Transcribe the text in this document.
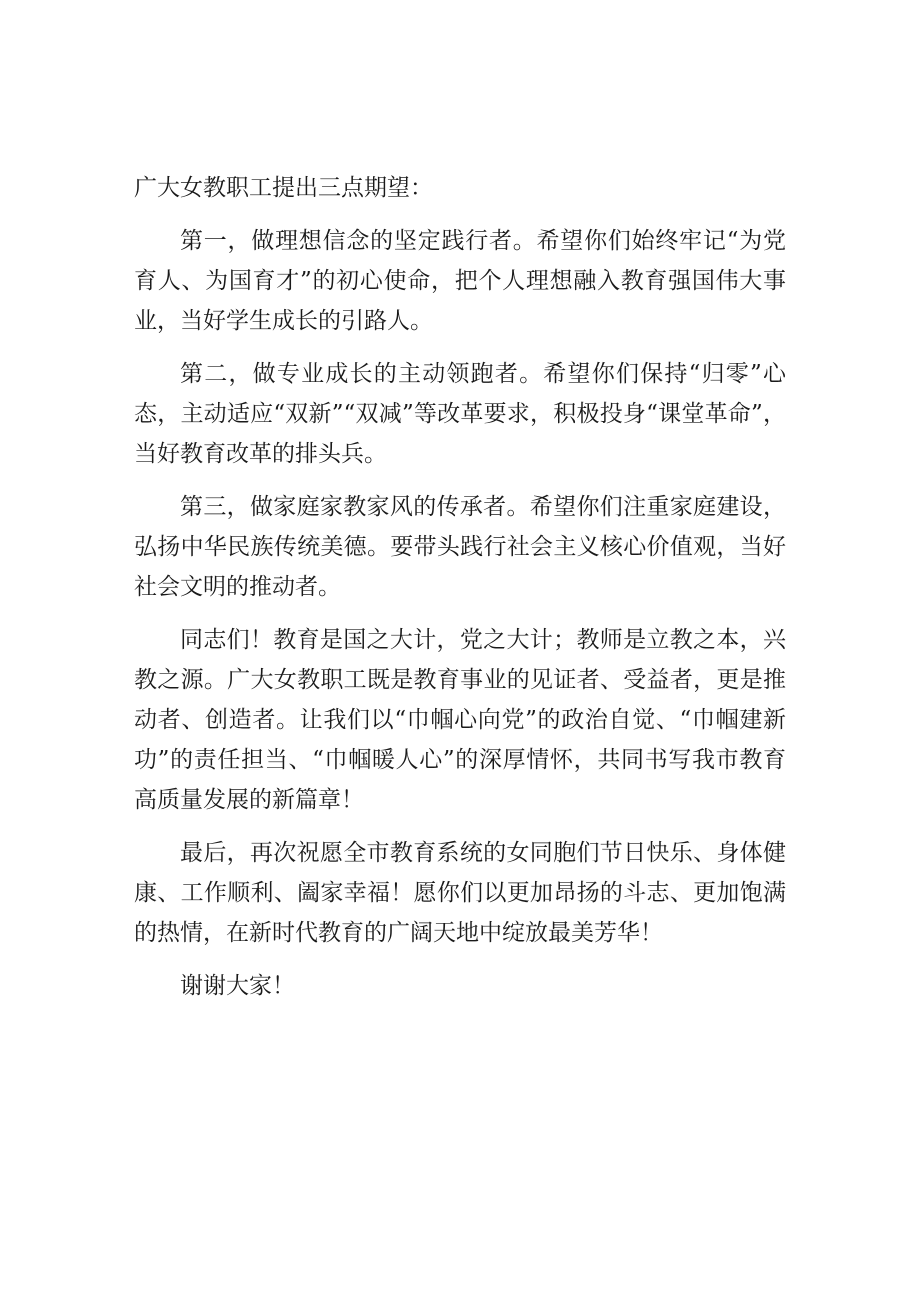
广大女教职工提出三点期望：

第一，做理想信念的坚定践行者。希望你们始终牢记“为党育人、为国育才”的初心使命，把个人理想融入教育强国伟大事业，当好学生成长的引路人。

第二，做专业成长的主动领跑者。希望你们保持“归零”心态，主动适应“双新”“双减”等改革要求，积极投身“课堂革命”，当好教育改革的排头兵。

第三，做家庭家教家风的传承者。希望你们注重家庭建设，弘扬中华民族传统美德。要带头践行社会主义核心价值观，当好社会文明的推动者。

同志们！教育是国之大计，党之大计；教师是立教之本，兴教之源。广大女教职工既是教育事业的见证者、受益者，更是推动者、创造者。让我们以“巾帼心向党”的政治自觉、“巾帼建新功”的责任担当、“巾帼暖人心”的深厚情怀，共同书写我市教育高质量发展的新篇章！

最后，再次祝愿全市教育系统的女同胞们节日快乐、身体健康、工作顺利、阖家幸福！愿你们以更加昂扬的斗志、更加饱满的热情，在新时代教育的广阔天地中绽放最美芳华！

谢谢大家！
